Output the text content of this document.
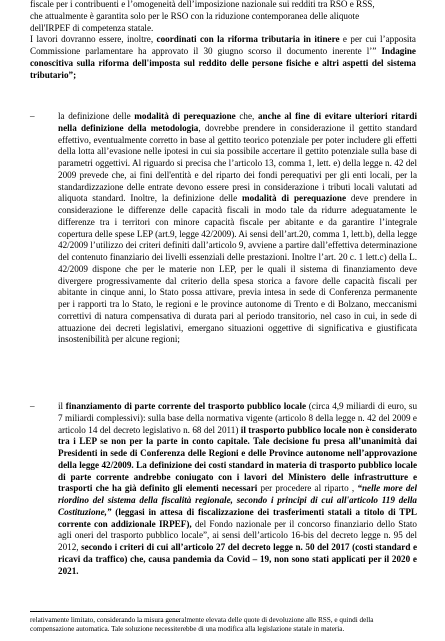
fiscale per i contribuenti e l’omogeneità dell’imposizione nazionale sui redditi tra RSO e RSS,
che attualmente è garantita solo per le RSO con la riduzione contemporanea delle aliquote
dell'IRPEF di competenza statale.
I lavori dovranno essere, inoltre, coordinati con la riforma tributaria in itinere e per cui l’apposita Commissione parlamentare ha approvato il 30 giugno scorso il documento inerente l’” Indagine conoscitiva sulla riforma dell'imposta sul reddito delle persone fisiche e altri aspetti del sistema tributario”;
–	la definizione delle modalità di perequazione che, anche al fine di evitare ulteriori ritardi nella definizione della metodologia, dovrebbe prendere in considerazione il gettito standard effettivo, eventualmente corretto in base al gettito teorico potenziale per poter includere gli effetti della lotta all’evasione nelle ipotesi in cui sia possibile accertare il gettito potenziale sulla base di parametri oggettivi. Al riguardo si precisa che l’articolo 13, comma 1, lett. e) della legge n. 42 del 2009 prevede che, ai fini dell'entità e del riparto dei fondi perequativi per gli enti locali, per la standardizzazione delle entrate devono essere presi in considerazione i tributi locali valutati ad aliquota standard. Inoltre, la definizione delle modalità di perequazione deve prendere in considerazione le differenze delle capacità fiscali in modo tale da ridurre adeguatamente le differenze tra i territori con minore capacità fiscale per abitante e da garantire l’integrale copertura delle spese LEP (art.9, legge 42/2009). Ai sensi dell’art.20, comma 1, lett.b), della legge 42/2009 l’utilizzo dei criteri definiti dall’articolo 9, avviene a partire dall’effettiva determinazione del contenuto finanziario dei livelli essenziali delle prestazioni. Inoltre l’art. 20 c. 1 lett.c) della L. 42/2009 dispone che per le materie non LEP, per le quali il sistema di finanziamento deve divergere progressivamente dal criterio della spesa storica a favore delle capacità fiscali per abitante in cinque anni, lo Stato possa attivare, previa intesa in sede di Conferenza permanente per i rapporti tra lo Stato, le regioni e le province autonome di Trento e di Bolzano, meccanismi correttivi di natura compensativa di durata pari al periodo transitorio, nel caso in cui, in sede di attuazione dei decreti legislativi, emergano situazioni oggettive di significativa e giustificata insostenibilità per alcune regioni;
–	il finanziamento di parte corrente del trasporto pubblico locale (circa 4,9 miliardi di euro, su 7 miliardi complessivi): sulla base della normativa vigente (articolo 8 della legge n. 42 del 2009 e articolo 14 del decreto legislativo n. 68 del 2011) il trasporto pubblico locale non è considerato tra i LEP se non per la parte in conto capitale. Tale decisione fu presa all’unanimità dai Presidenti in sede di Conferenza delle Regioni e delle Province autonome nell’approvazione della legge 42/2009. La definizione dei costi standard in materia di trasporto pubblico locale di parte corrente andrebbe coniugato con i lavori del Ministero delle infrastrutture e trasporti che ha già definito gli elementi necessari per procedere al riparto , “nelle more del riordino del sistema della fiscalità regionale, secondo i principi di cui all'articolo 119 della Costituzione,” (leggasi in attesa di fiscalizzazione dei trasferimenti statali a titolo di TPL corrente con addizionale IRPEF), del Fondo nazionale per il concorso finanziario dello Stato agli oneri del trasporto pubblico locale”, ai sensi dell’articolo 16-bis del decreto legge n. 95 del 2012, secondo i criteri di cui all’articolo 27 del decreto legge n. 50 del 2017 (costi standard e ricavi da traffico) che, causa pandemia da Covid – 19, non sono stati applicati per il 2020 e 2021.
relativamente limitato, considerando la misura generalmente elevata delle quote di devoluzione alle RSS, e quindi della
compensazione automatica. Tale soluzione necessiterebbe di una modifica alla legislazione statale in materia.
